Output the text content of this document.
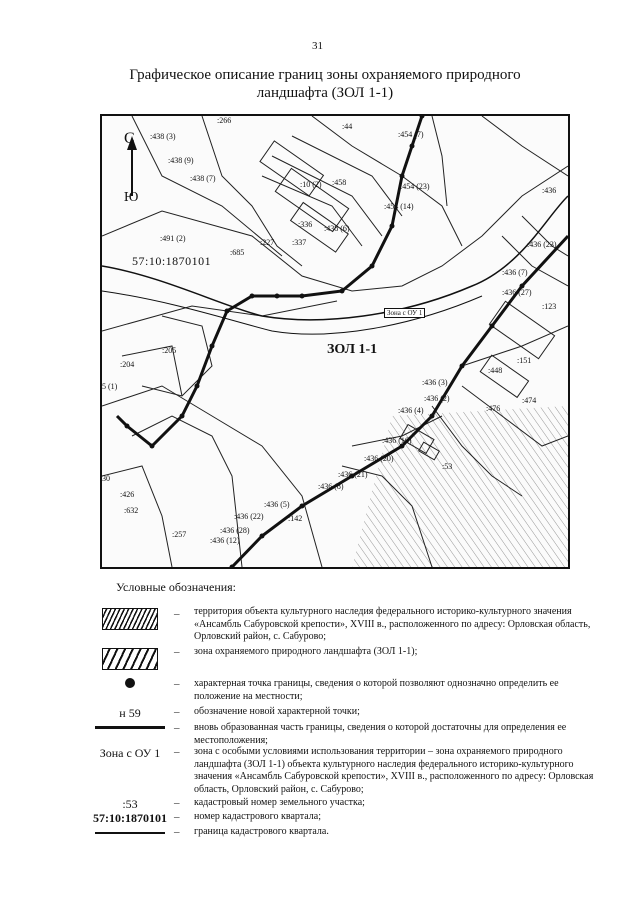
31
Графическое описание границ зоны охраняемого природного
ландшафта (ЗОЛ 1-1)
С
Ю
57:10:1870101
ЗОЛ 1-1
Зона с ОУ 1
:266
:44
:438 (3)
:438 (9)
:438 (7)
:491 (2)
:685
:227 :337
:10 (2) :458
:336 :438 (6)
:454 (7)
:454 (23)
:454 (14)
:436
:436 (23)
:436 (7)
:436 (27)
:123
:151
:448
:474
:476
:436 (2)
:436 (4)
:436 (3)
:436 (16)
:436 (20)
:436 (21)
:436 (8)
:436 (5)
:436 (22)
:436 (28)
:436 (12)
:142
:257
:632
:426
:204
:205
5 (1)
30
:53
Условные обозначения:
– территория объекта культурного наследия федерального историко-культурного значения «Ансамбль Сабуровской крепости», XVIII в., расположенного по адресу: Орловская область, Орловский район, с. Сабурово;
– зона охраняемого природного ландшафта (ЗОЛ 1-1);
– характерная точка границы, сведения о которой позволяют однозначно определить ее положение на местности;
н 59	– обозначение новой характерной точки;
– вновь образованная часть границы, сведения о которой достаточны для определения ее местоположения;
Зона с ОУ 1	– зона с особыми условиями использования территории – зона охраняемого природного ландшафта (ЗОЛ 1-1) объекта культурного наследия федерального историко-культурного значения «Ансамбль Сабуровской крепости», XVIII в., расположенного по адресу: Орловская область, Орловский район, с. Сабурово;
:53	– кадастровый номер земельного участка;
57:10:1870101 – номер кадастрового квартала;
– граница кадастрового квартала.
